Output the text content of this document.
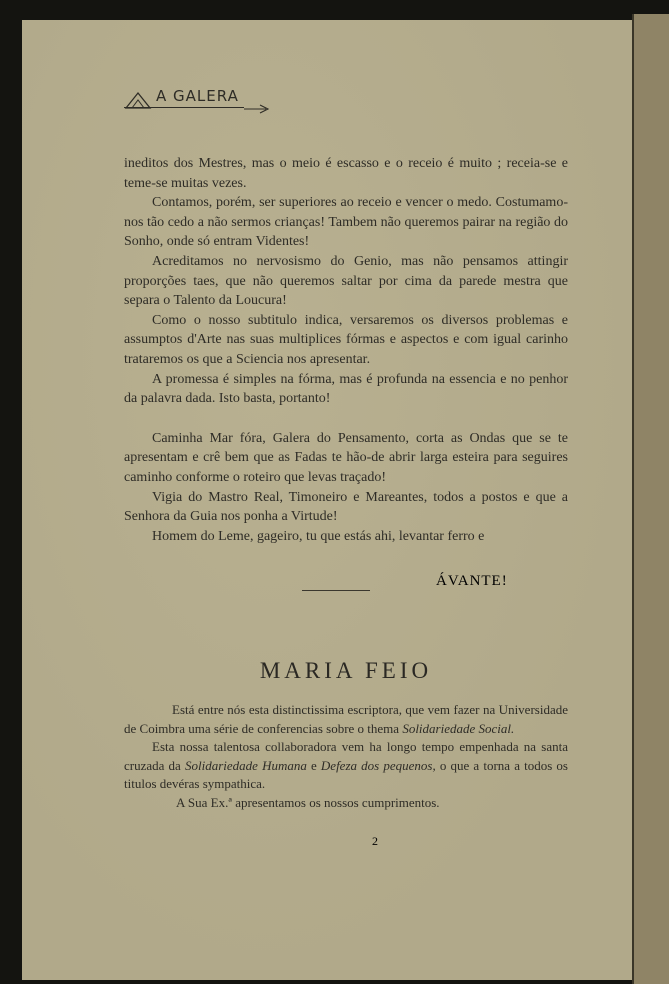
A GALERA

ineditos dos Mestres, mas o meio é escasso e o receio é muito ; receia-se e teme-se muitas vezes.

Contamos, porém, ser superiores ao receio e vencer o medo. Costumamo-nos tão cedo a não sermos crianças! Tambem não queremos pairar na região do Sonho, onde só entram Videntes!

Acreditamos no nervosismo do Genio, mas não pensamos attingir proporções taes, que não queremos saltar por cima da parede mestra que separa o Talento da Loucura!

Como o nosso subtitulo indica, versaremos os diversos problemas e assumptos d'Arte nas suas multiplices fórmas e aspectos e com igual carinho trataremos os que a Sciencia nos apresentar.

A promessa é simples na fórma, mas é profunda na essencia e no penhor da palavra dada. Isto basta, portanto!

Caminha Mar fóra, Galera do Pensamento, corta as Ondas que se te apresentam e crê bem que as Fadas te hão-de abrir larga esteira para seguires caminho conforme o roteiro que levas traçado!

Vigia do Mastro Real, Timoneiro e Mareantes, todos a postos e que a Senhora da Guia nos ponha a Virtude!

Homem do Leme, gageiro, tu que estás ahi, levantar ferro e

ÁVANTE!
MARIA FEIO

Está entre nós esta distinctissima escriptora, que vem fazer na Universidade de Coimbra uma série de conferencias sobre o thema Solidariedade Social.

Esta nossa talentosa collaboradora vem ha longo tempo empenhada na santa cruzada da Solidariedade Humana e Defeza dos pequenos, o que a torna a todos os titulos devéras sympathica.

A Sua Ex.ª apresentamos os nossos cumprimentos.

2
